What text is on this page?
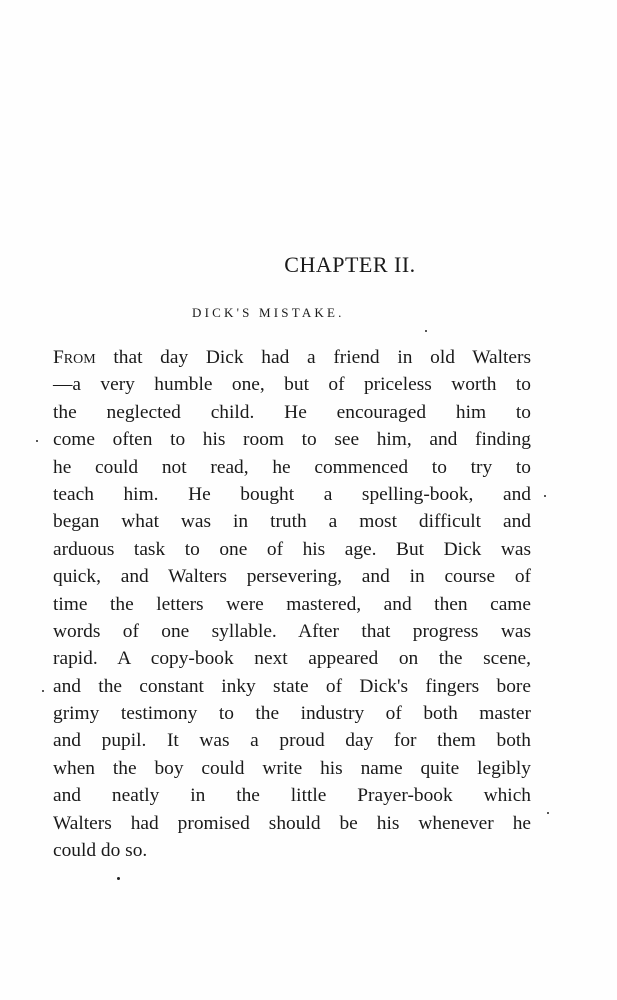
CHAPTER II.
DICK'S MISTAKE.
From that day Dick had a friend in old Walters
—a very humble one, but of priceless worth to
the neglected child. He encouraged him to
come often to his room to see him, and finding
he could not read, he commenced to try to
teach him. He bought a spelling-book, and
began what was in truth a most difficult and
arduous task to one of his age. But Dick was
quick, and Walters persevering, and in course of
time the letters were mastered, and then came
words of one syllable. After that progress was
rapid. A copy-book next appeared on the scene,
and the constant inky state of Dick's fingers bore
grimy testimony to the industry of both master
and pupil. It was a proud day for them both
when the boy could write his name quite legibly
and neatly in the little Prayer-book which
Walters had promised should be his whenever he
could do so.
